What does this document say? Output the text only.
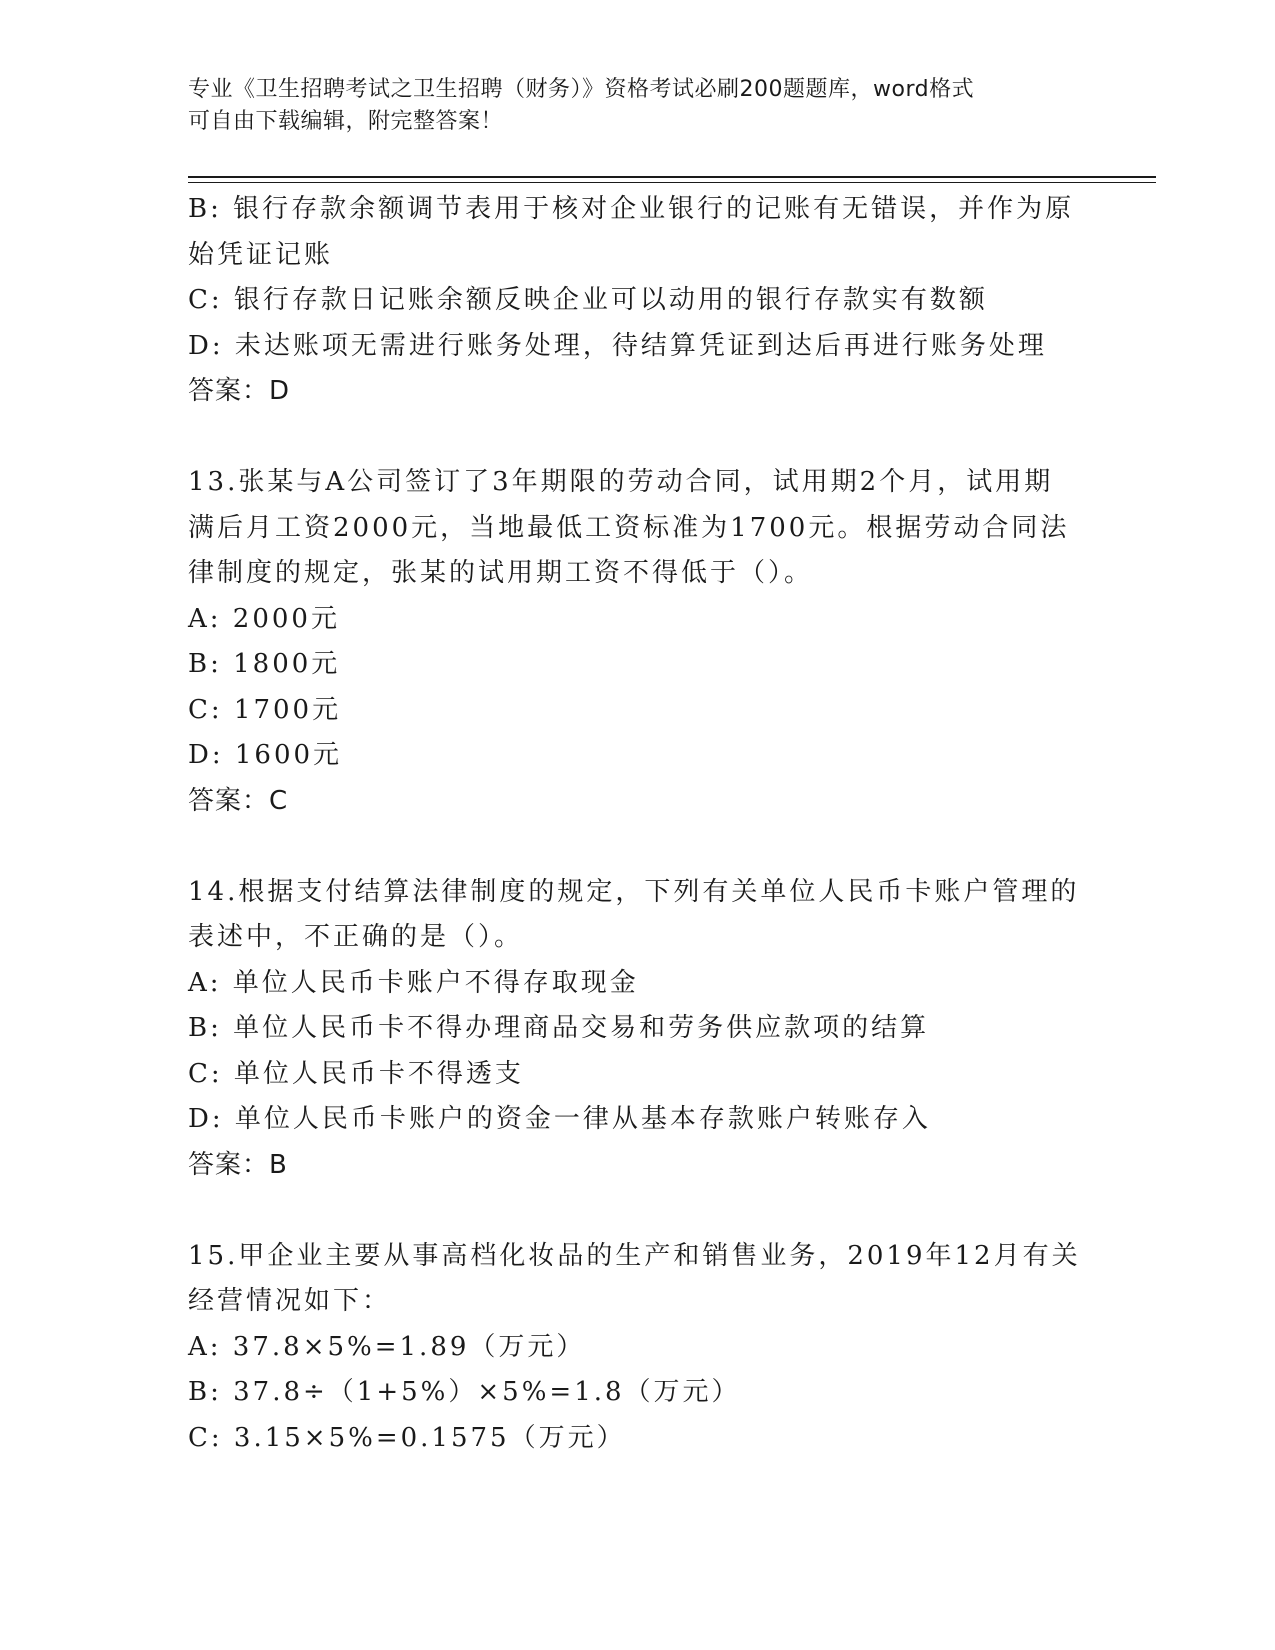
专业《卫生招聘考试之卫生招聘（财务）》资格考试必刷200题题库，word格式
可自由下载编辑，附完整答案！
B: 银行存款余额调节表用于核对企业银行的记账有无错误，并作为原
始凭证记账
C: 银行存款日记账余额反映企业可以动用的银行存款实有数额
D: 未达账项无需进行账务处理，待结算凭证到达后再进行账务处理
答案：D
13.张某与A公司签订了3年期限的劳动合同，试用期2个月，试用期
满后月工资2000元，当地最低工资标准为1700元。根据劳动合同法
律制度的规定，张某的试用期工资不得低于（）。
A: 2000元
B: 1800元
C: 1700元
D: 1600元
答案：C
14.根据支付结算法律制度的规定，下列有关单位人民币卡账户管理的
表述中，不正确的是（）。
A: 单位人民币卡账户不得存取现金
B: 单位人民币卡不得办理商品交易和劳务供应款项的结算
C: 单位人民币卡不得透支
D: 单位人民币卡账户的资金一律从基本存款账户转账存入
答案：B
15.甲企业主要从事高档化妆品的生产和销售业务，2019年12月有关
经营情况如下：
A: 37.8×5%=1.89（万元）
B: 37.8÷（1+5%）×5%=1.8（万元）
C: 3.15×5%=0.1575（万元）
